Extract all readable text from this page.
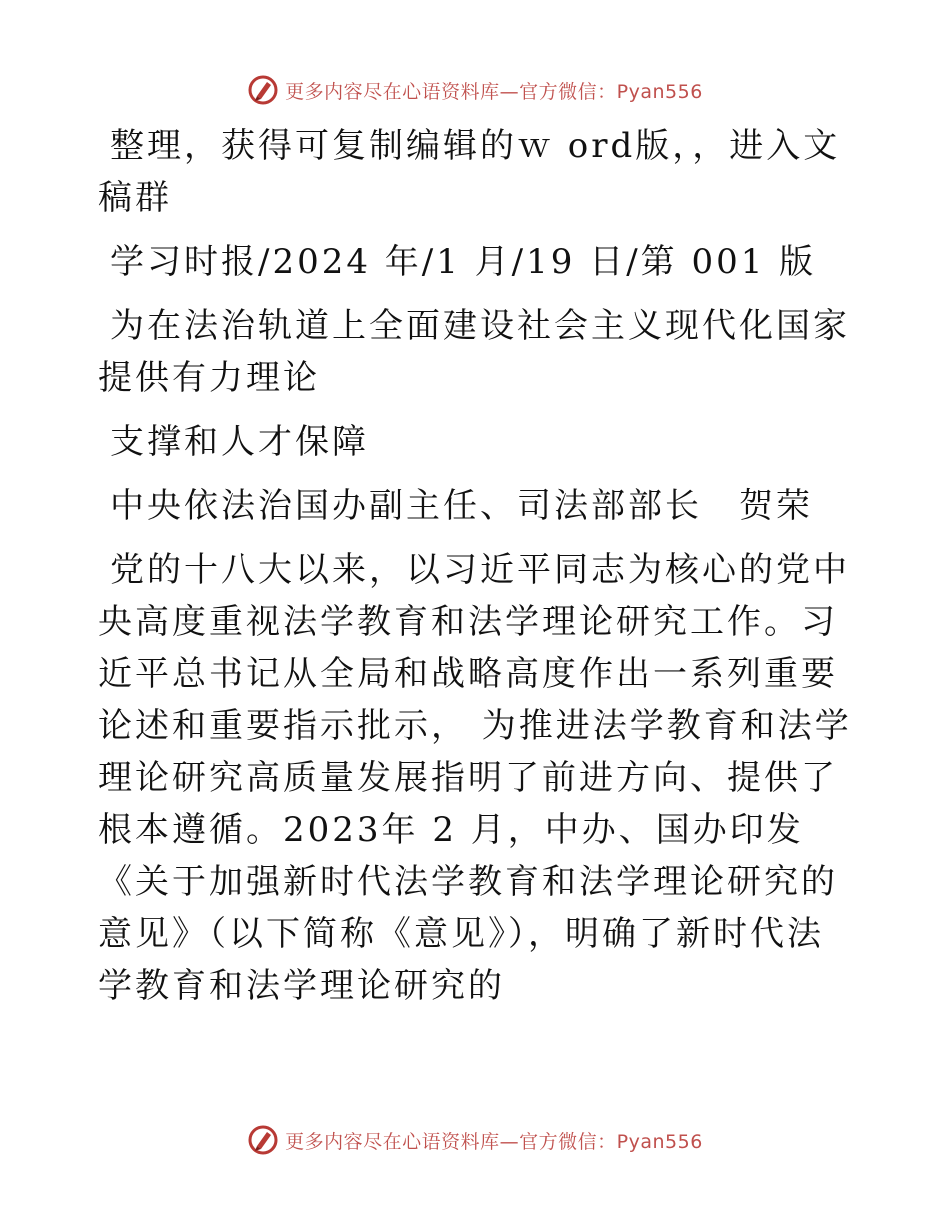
更多内容尽在心语资料库—官方微信：Pyan556

整理，获得可复制编辑的ｗ ord版，，进入文稿群

学习时报/2024 年/1 月/19 日/第 001 版

为在法治轨道上全面建设社会主义现代化国家提供有力理论

支撑和人才保障

中央依法治国办副主任、司法部部长　贺荣

党的十八大以来，以习近平同志为核心的党中央高度重视法学教育和法学理论研究工作。习近平总书记从全局和战略高度作出一系列重要论述和重要指示批示， 为推进法学教育和法学理论研究高质量发展指明了前进方向、提供了根本遵循。2023年 2 月，中办、国办印发《关于加强新时代法学教育和法学理论研究的意见》（以下简称《意见》），明确了新时代法学教育和法学理论研究的

更多内容尽在心语资料库—官方微信：Pyan556
